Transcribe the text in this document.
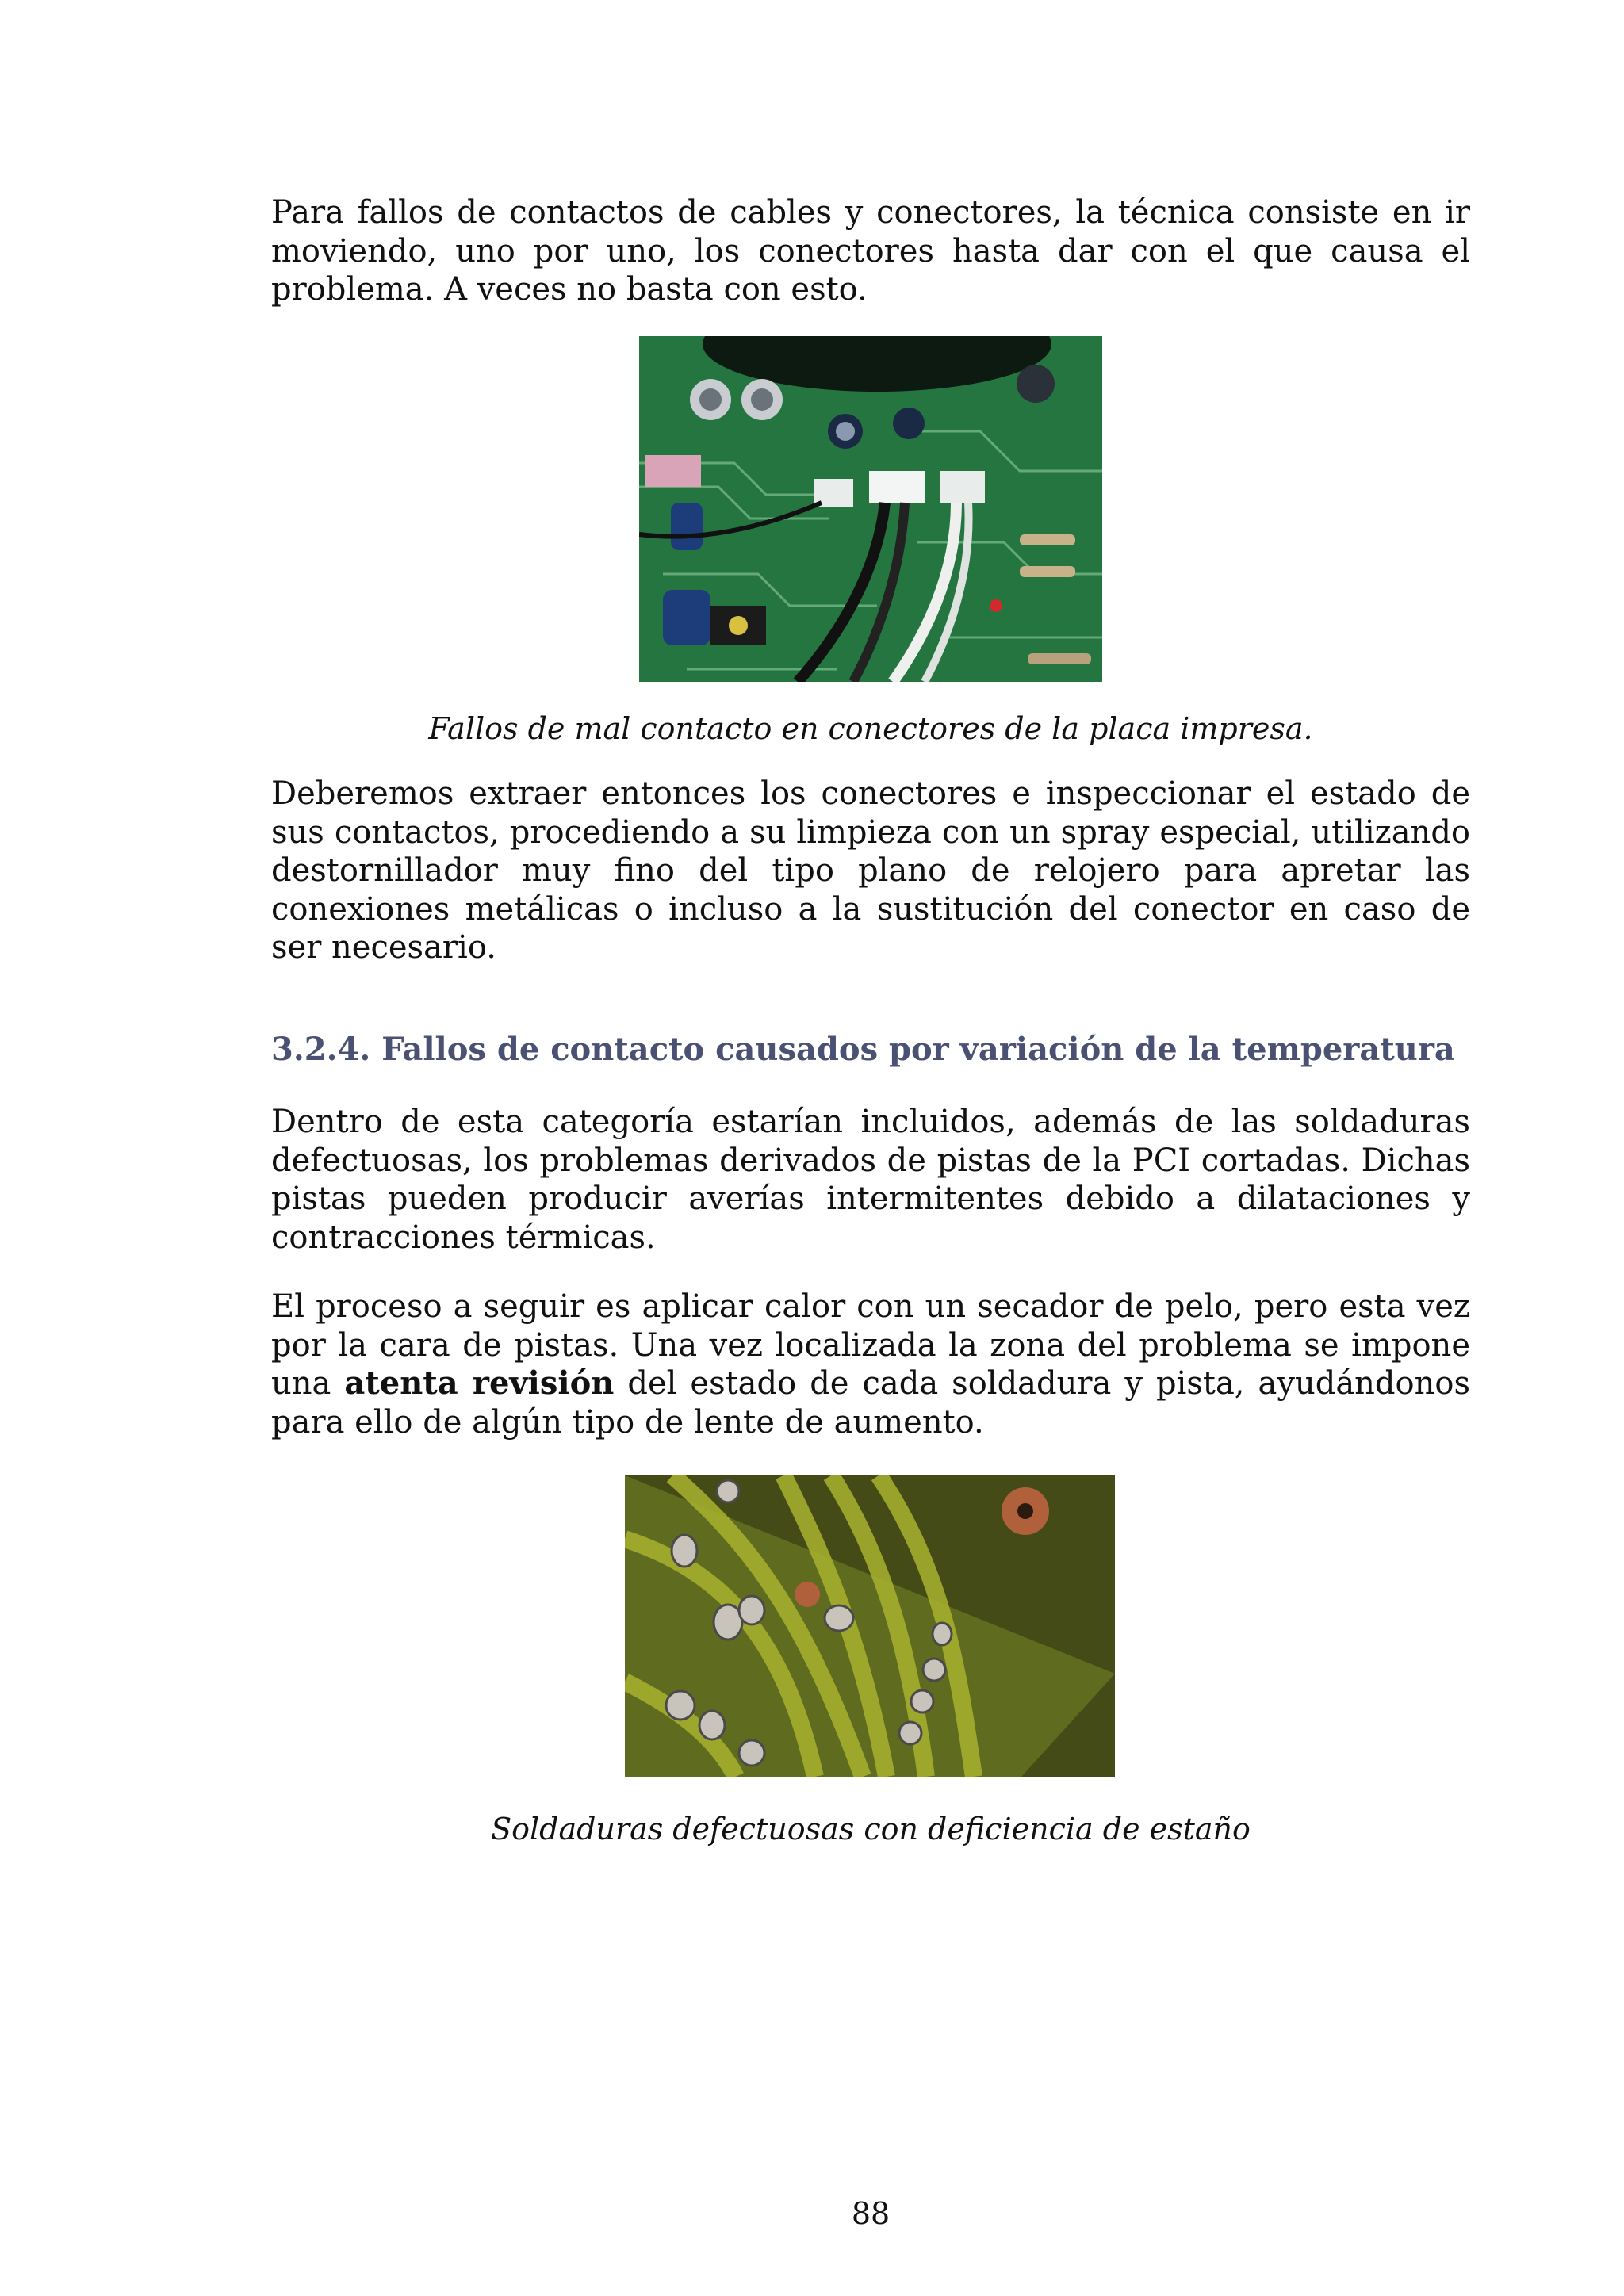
Para fallos de contactos de cables y conectores, la técnica consiste en ir moviendo, uno por uno, los conectores hasta dar con el que causa el problema. A veces no basta con esto.

Fallos de mal contacto en conectores de la placa impresa.

Deberemos extraer entonces los conectores e inspeccionar el estado de sus contactos, procediendo a su limpieza con un spray especial, utilizando destornillador muy fino del tipo plano de relojero para apretar las conexiones metálicas o incluso a la sustitución del conector en caso de ser necesario.

3.2.4. Fallos de contacto causados por variación de la temperatura

Dentro de esta categoría estarían incluidos, además de las soldaduras defectuosas, los problemas derivados de pistas de la PCI cortadas. Dichas pistas pueden producir averías intermitentes debido a dilataciones y contracciones térmicas.

El proceso a seguir es aplicar calor con un secador de pelo, pero esta vez por la cara de pistas. Una vez localizada la zona del problema se impone una atenta revisión del estado de cada soldadura y pista, ayudándonos para ello de algún tipo de lente de aumento.

Soldaduras defectuosas con deficiencia de estaño

88
